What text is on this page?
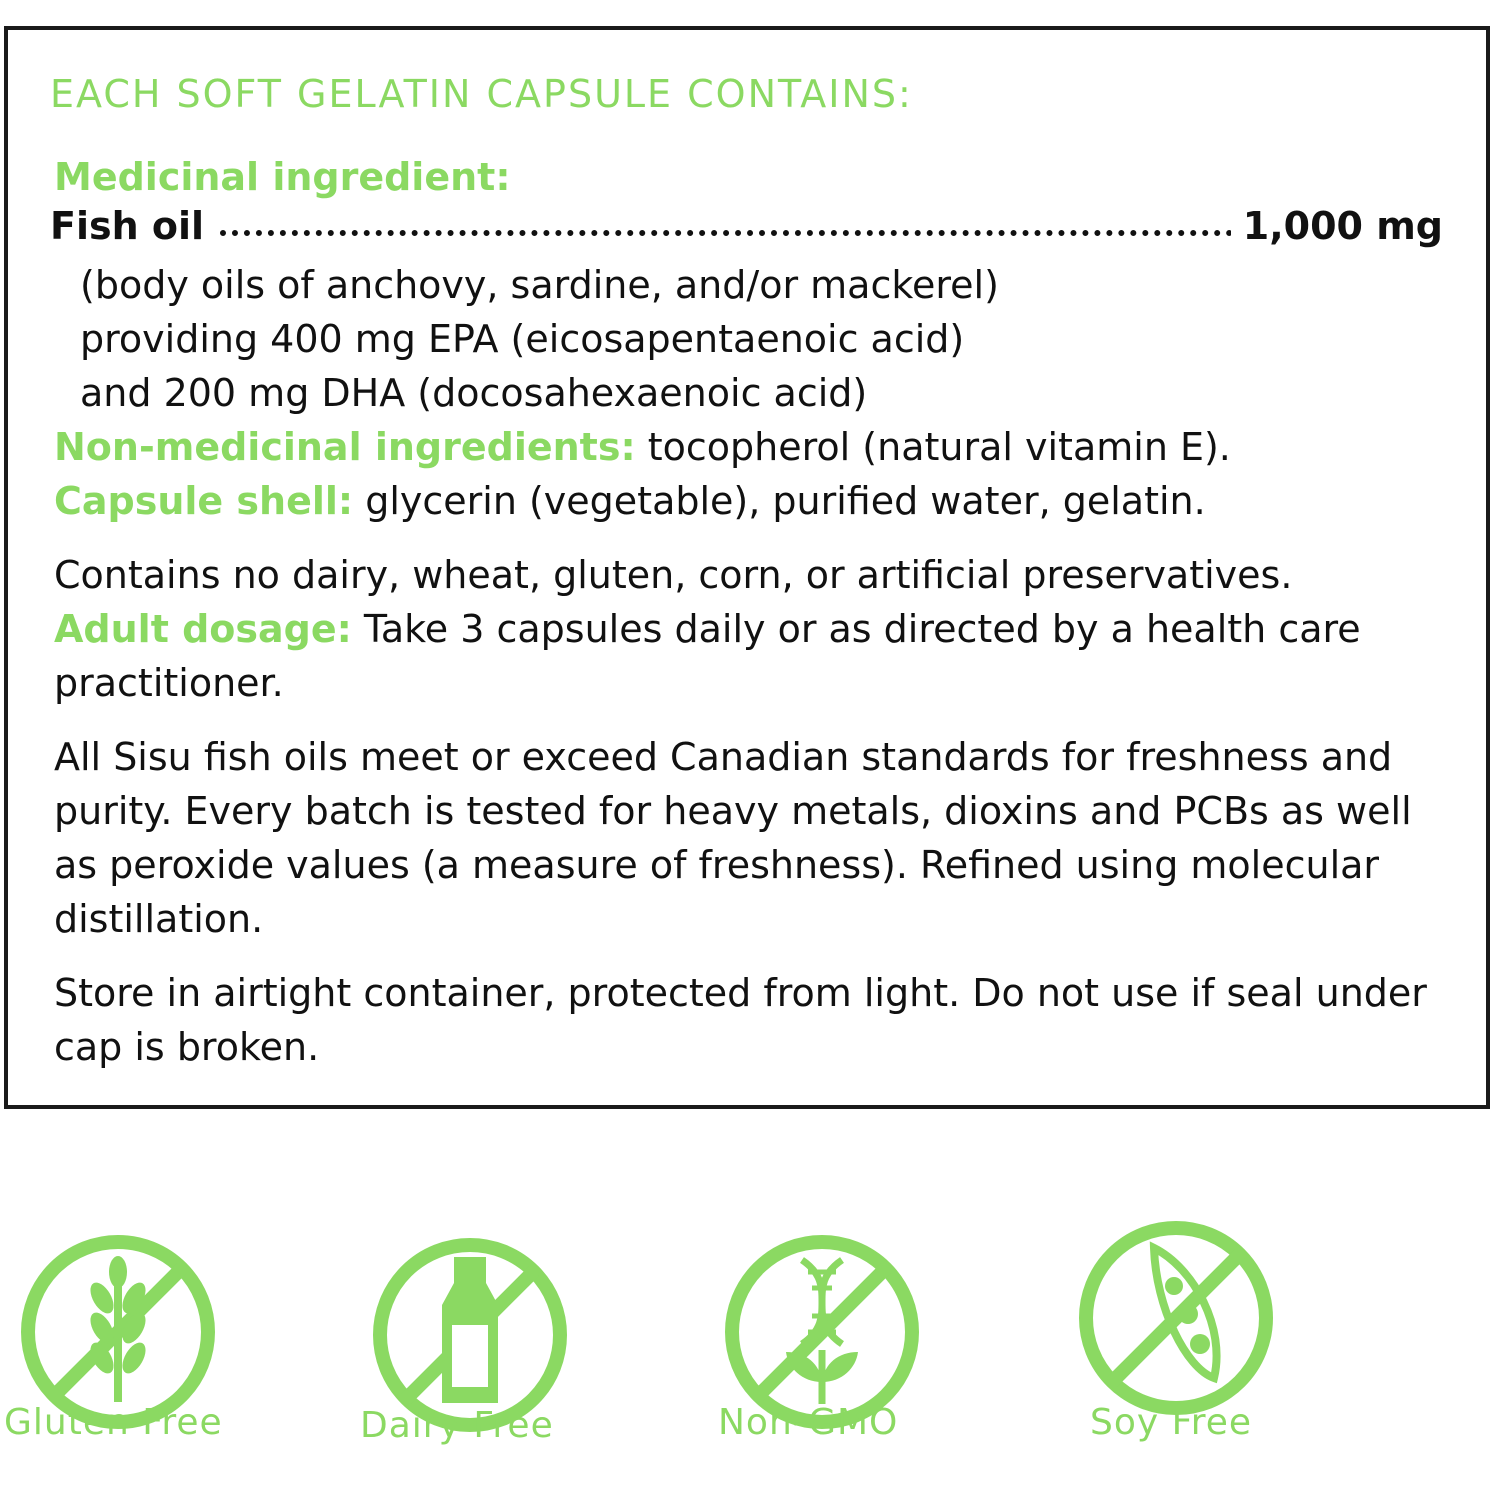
EACH SOFT GELATIN CAPSULE CONTAINS:
Medicinal ingredient:
Fish oil	1,000 mg
(body oils of anchovy, sardine, and/or mackerel)
providing 400 mg EPA (eicosapentaenoic acid)
and 200 mg DHA (docosahexaenoic acid)
Non-medicinal ingredients: tocopherol (natural vitamin E).
Capsule shell: glycerin (vegetable), purified water, gelatin.
Contains no dairy, wheat, gluten, corn, or artificial preservatives.
Adult dosage: Take 3 capsules daily or as directed by a health care
practitioner.
All Sisu fish oils meet or exceed Canadian standards for freshness and
purity. Every batch is tested for heavy metals, dioxins and PCBs as well
as peroxide values (a measure of freshness). Refined using molecular
distillation.
Store in airtight container, protected from light. Do not use if seal under
cap is broken.
Gluten Free	Dairy Free	Non-GMO	Soy Free
